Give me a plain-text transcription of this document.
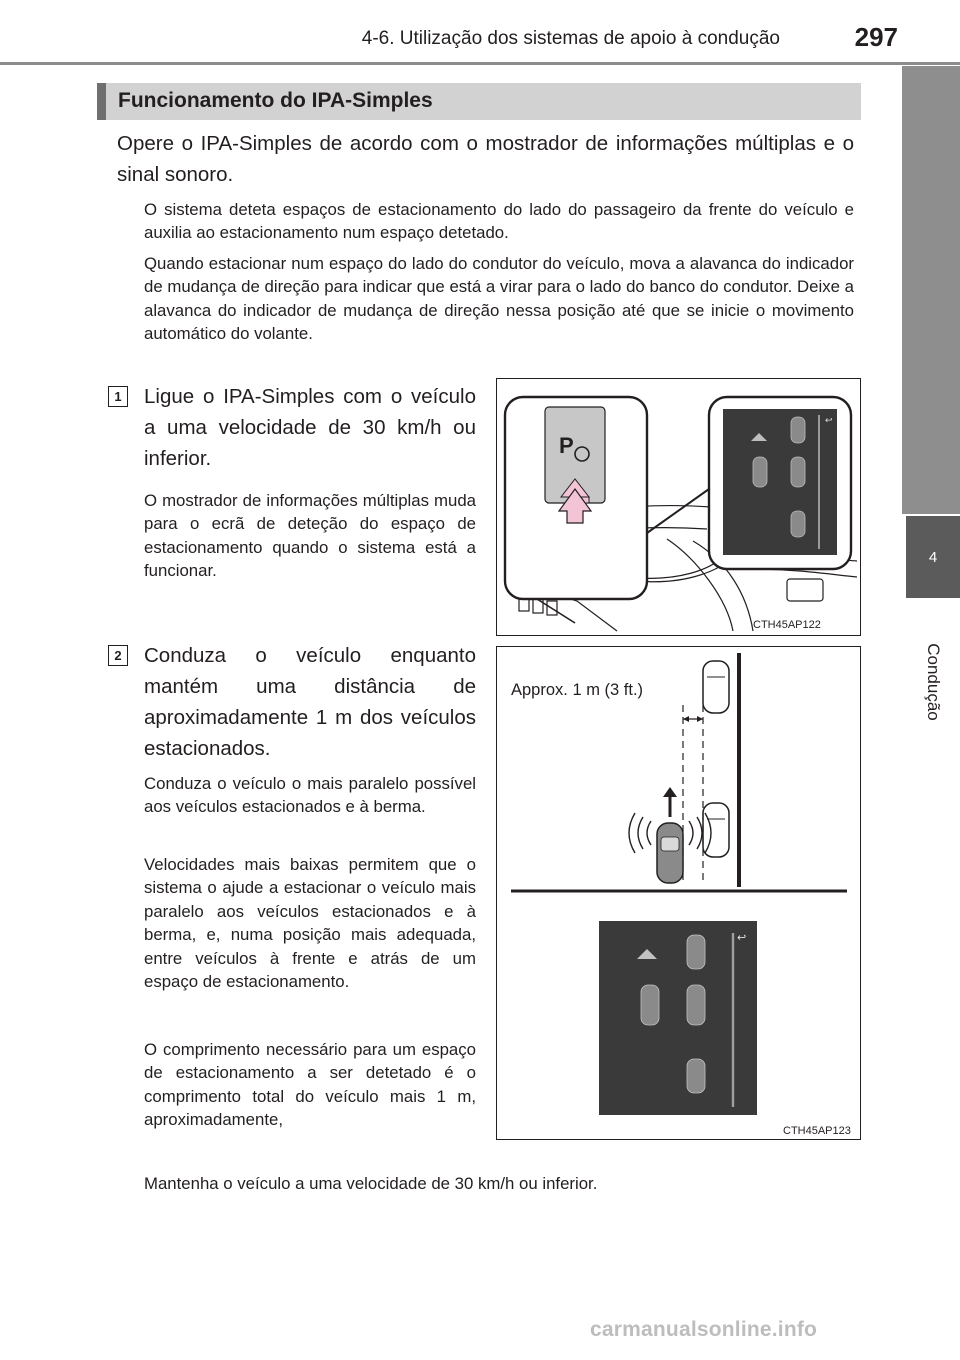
4-6. Utilização dos sistemas de apoio à condução	297
4
Condução
Funcionamento do IPA-Simples
Opere o IPA-Simples de acordo com o mostrador de informações múltiplas e o sinal sonoro.
O sistema deteta espaços de estacionamento do lado do passageiro da frente do veículo e auxilia ao estacionamento num espaço detetado.
Quando estacionar num espaço do lado do condutor do veículo, mova a alavanca do indicador de mudança de direção para indicar que está a virar para o lado do banco do condutor. Deixe a alavanca do indicador de mudança de direção nessa posição até que se inicie o movimento automático do volante.
1	Ligue o IPA-Simples com o veículo a uma velocidade de 30 km/h ou inferior.
O mostrador de informações múltiplas muda para o ecrã de deteção do espaço de estacionamento quando o sistema está a funcionar.
P
↩
CTH45AP122
2	Conduza o veículo enquanto mantém uma distância de aproximadamente 1 m dos veículos estacionados.
Conduza o veículo o mais paralelo possível aos veículos estacionados e à berma.
Velocidades mais baixas permitem que o sistema o ajude a estacionar o veículo mais paralelo aos veículos estacionados e à berma, e, numa posição mais adequada, entre veículos à frente e atrás de um espaço de estacionamento.
O comprimento necessário para um espaço de estacionamento a ser detetado é o comprimento total do veículo mais 1 m, aproximadamente,
Mantenha o veículo a uma velocidade de 30 km/h ou inferior.
Approx. 1 m (3 ft.)
↩
CTH45AP123
carmanualsonline.info
